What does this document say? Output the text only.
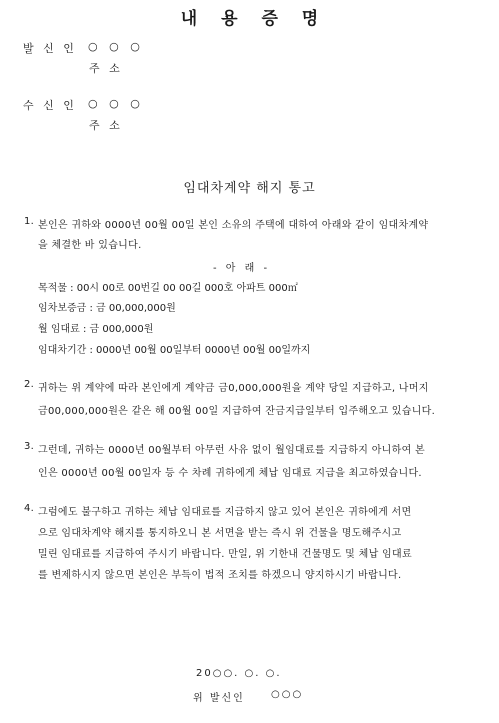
내 용 증 명
발 신 인 ○ ○ ○
주 소
수 신 인 ○ ○ ○
주 소
임대차계약 해지 통고
1. 본인은 귀하와 0000년 00월 00일 본인 소유의 주택에 대하여 아래와 같이 임대차계약
을 체결한 바 있습니다.
- 아 래 -
목적물 : 00시 00로 00번길 00 00길 000호 아파트 000㎡
임차보증금 : 금 00,000,000원
월 임대료 : 금 000,000원
임대차기간 : 0000년 00월 00일부터 0000년 00월 00일까지
2. 귀하는 위 계약에 따라 본인에게 계약금 금0,000,000원을 계약 당일 지급하고, 나머지
금00,000,000원은 같은 해 00월 00일 지급하여 잔금지급일부터 입주해오고 있습니다.
3. 그런데, 귀하는 0000년 00월부터 아무런 사유 없이 월임대료를 지급하지 아니하여 본
인은 0000년 00월 00일자 등 수 차례 귀하에게 체납 임대료 지급을 최고하였습니다.
4. 그럼에도 불구하고 귀하는 체납 임대료를 지급하지 않고 있어 본인은 귀하에게 서면
으로 임대차계약 해지를 통지하오니 본 서면을 받는 즉시 위 건물을 명도해주시고
밀린 임대료를 지급하여 주시기 바랍니다. 만일, 위 기한내 건물명도 및 체납 임대료
를 변제하시지 않으면 본인은 부득이 법적 조치를 하겠으니 양지하시기 바랍니다.
20○○. ○. ○.
위 발신인	○○○
